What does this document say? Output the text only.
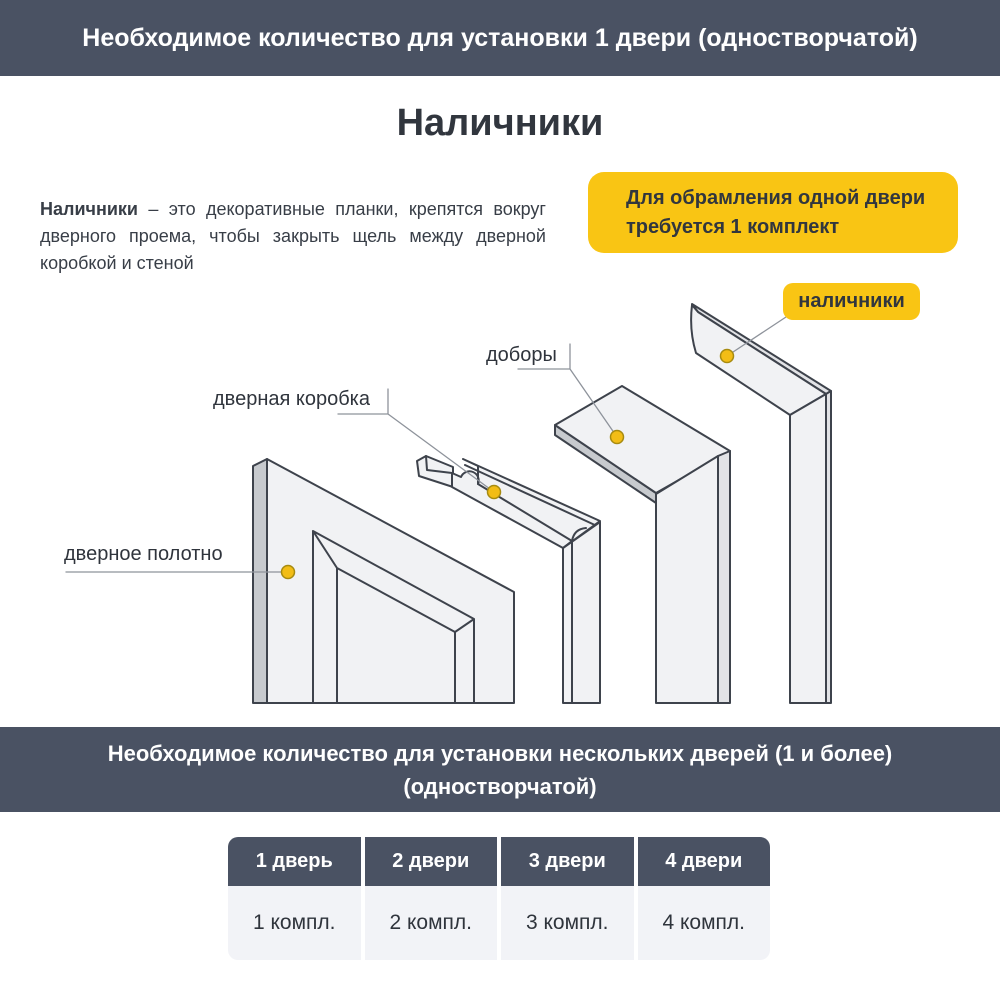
Необходимое количество для установки 1 двери (одностворчатой)
Наличники

Наличники – это декоративные планки, крепятся вокруг дверного проема, чтобы закрыть щель между дверной коробкой и стеной

Для обрамления одной двери
требуется 1 комплект
наличники
доборы
дверная коробка
дверное полотно
Необходимое количество для установки нескольких дверей (1 и более)
(одностворчатой)
1 дверь	2 двери	3 двери	4 двери
1 компл.	2 компл.	3 компл.	4 компл.
